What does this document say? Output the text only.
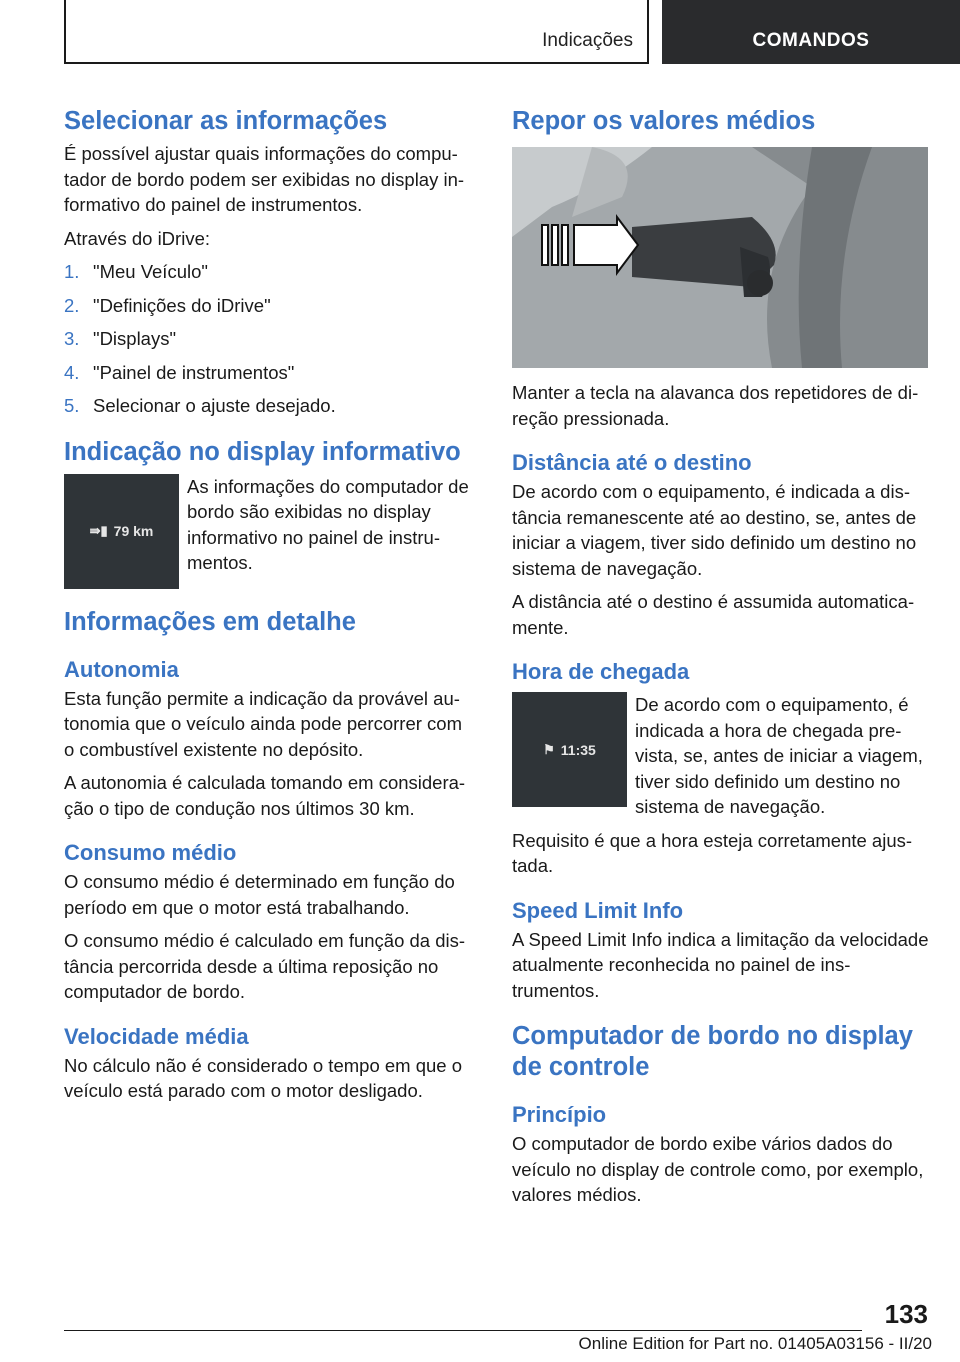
Indicações	COMANDOS
Selecionar as informações

É possível ajustar quais informações do computador de bordo podem ser exibidas no display informativo do painel de instrumentos.

Através do iDrive:

1. "Meu Veículo"
2. "Definições do iDrive"
3. "Displays"
4. "Painel de instrumentos"
5. Selecionar o ajuste desejado.
Indicação no display informativo
⇛▮ 79 km

As informações do computador de bordo são exibidas no display informativo no painel de instrumentos.

Informações em detalhe
Autonomia

Esta função permite a indicação da provável autonomia que o veículo ainda pode percorrer com o combustível existente no depósito.

A autonomia é calculada tomando em consideração o tipo de condução nos últimos 30 km.

Consumo médio

O consumo médio é determinado em função do período em que o motor está trabalhando.

O consumo médio é calculado em função da distância percorrida desde a última reposição no computador de bordo.

Velocidade média

No cálculo não é considerado o tempo em que o veículo está parado com o motor desligado.

Repor os valores médios

Manter a tecla na alavanca dos repetidores de direção pressionada.

Distância até o destino

De acordo com o equipamento, é indicada a distância remanescente até ao destino, se, antes de iniciar a viagem, tiver sido definido um destino no sistema de navegação.

A distância até o destino é assumida automaticamente.

Hora de chegada
⚑ 11:35

De acordo com o equipamento, é indicada a hora de chegada prevista, se, antes de iniciar a viagem, tiver sido definido um destino no sistema de navegação.

Requisito é que a hora esteja corretamente ajustada.

Speed Limit Info

A Speed Limit Info indica a limitação da velocidade atualmente reconhecida no painel de instrumentos.

Computador de bordo no display de controle
Princípio

O computador de bordo exibe vários dados do veículo no display de controle como, por exemplo, valores médios.

133
Online Edition for Part no. 01405A03156 - II/20
